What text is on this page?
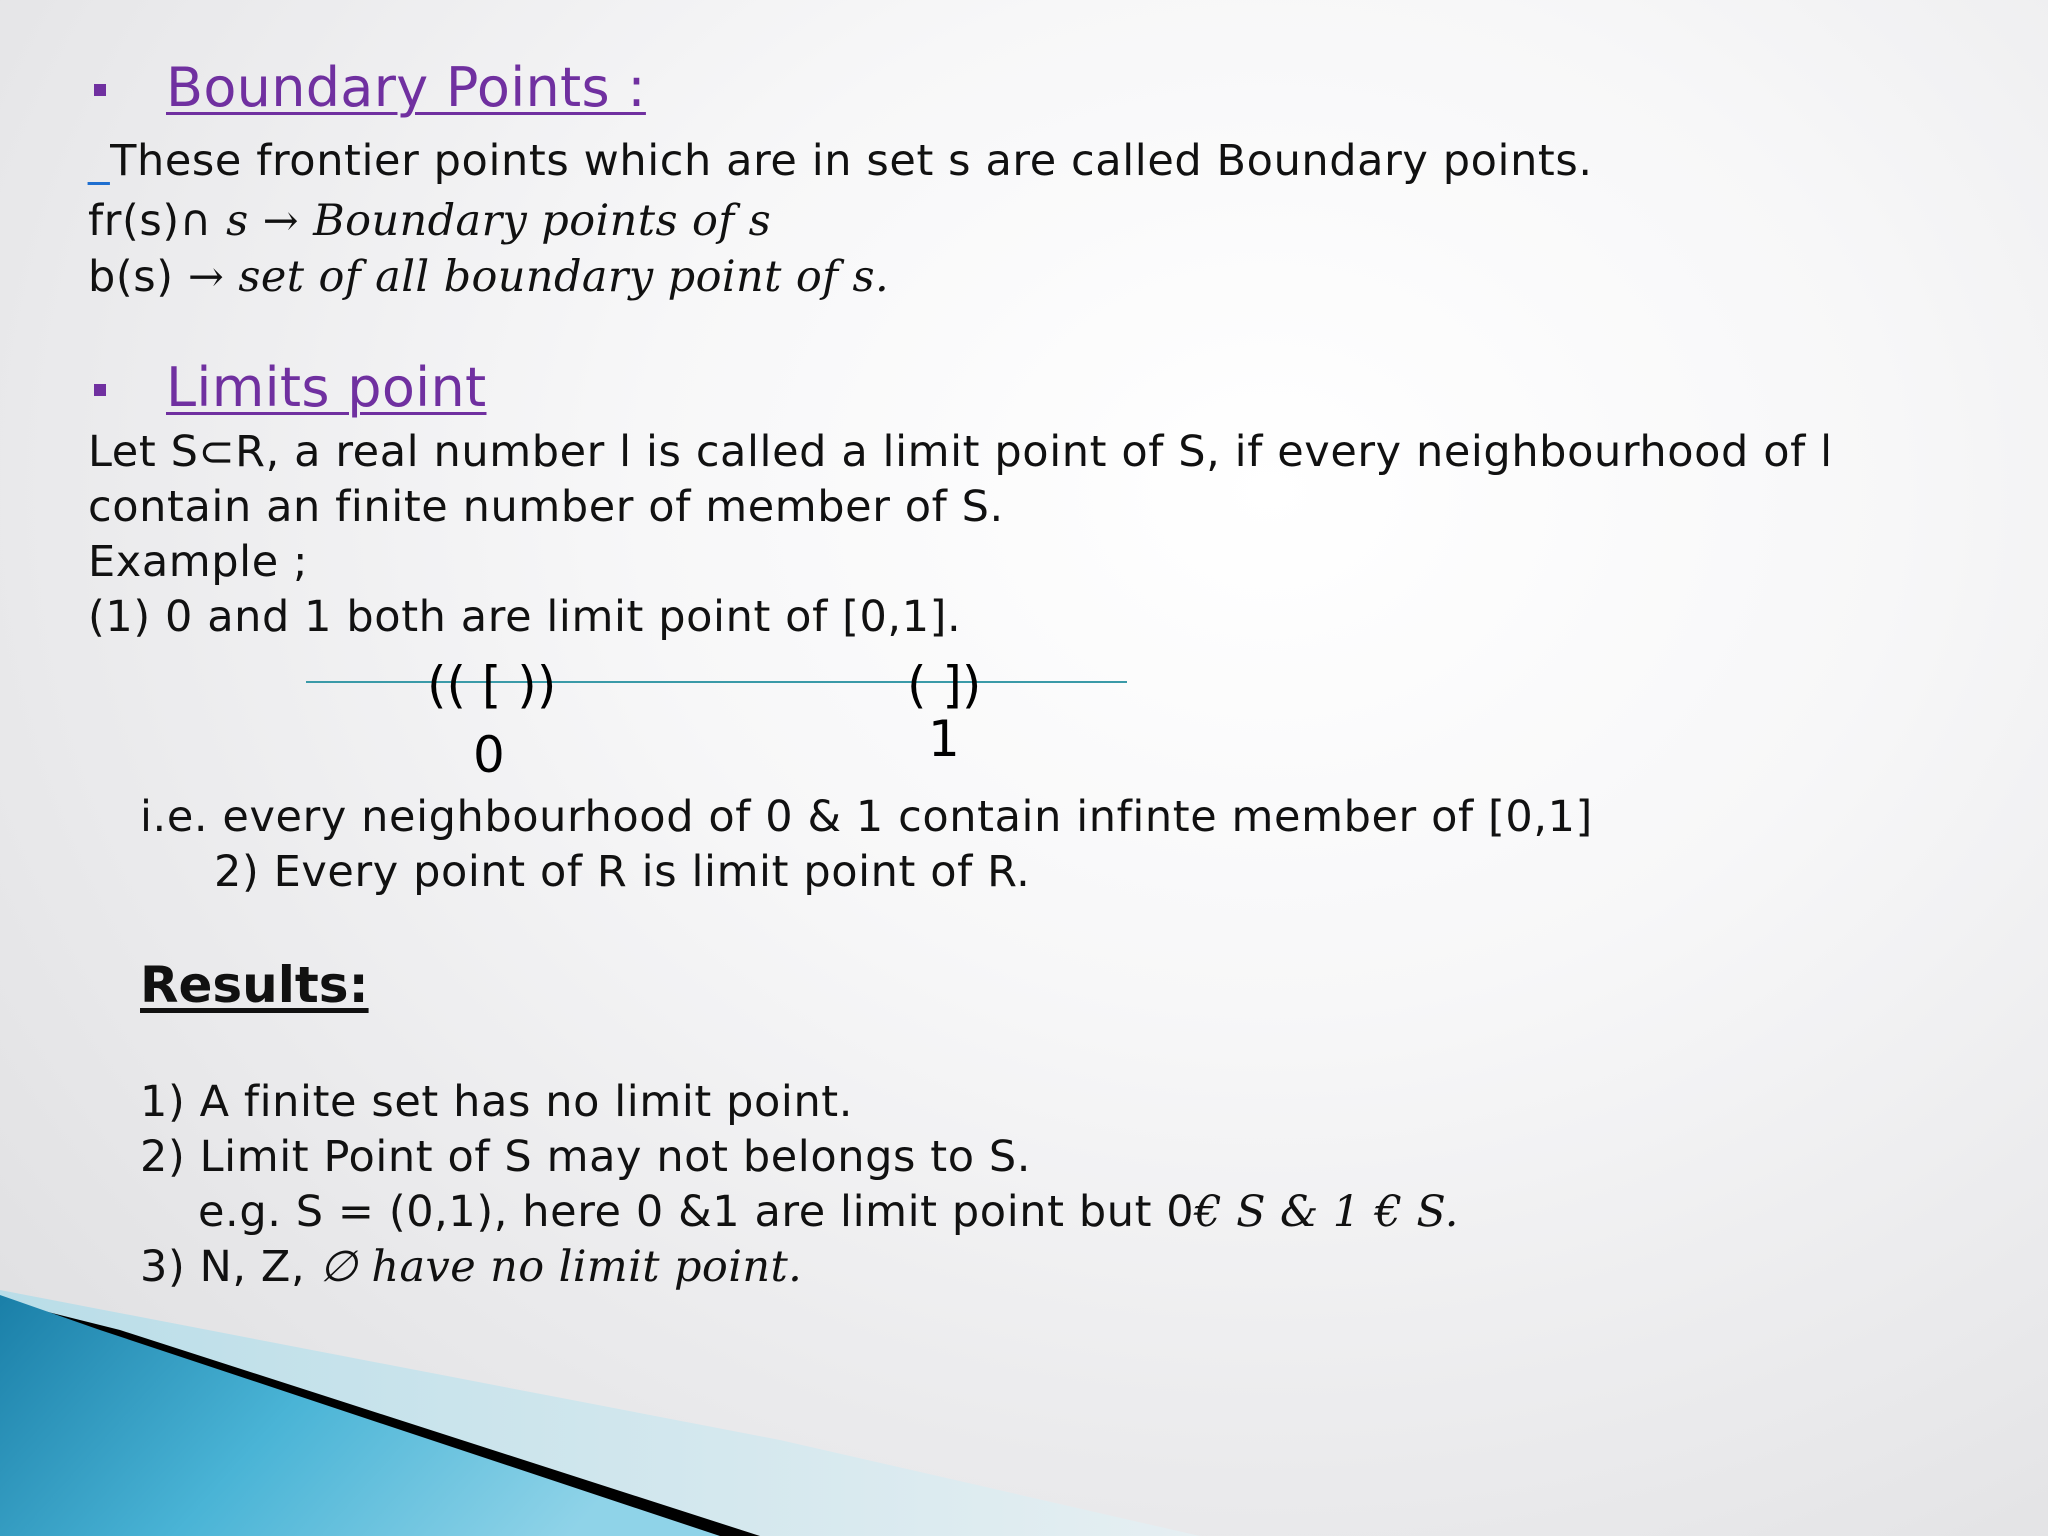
Boundary Points :
_These frontier points which are in set s are called Boundary points.
fr(s)∩ s → Boundary points of s
b(s) → set of all boundary point of s.
Limits point
Let S⊂R, a real number l is called a limit point of S, if every neighbourhood of l
contain an finite number of member of S.
Example ;
(1) 0 and 1 both are limit point of [0,1].
(( [ ))	( ])
0	1
i.e. every neighbourhood of 0 & 1 contain infinte member of [0,1]
2) Every point of R is limit point of R.
Results:
1) A finite set has no limit point.
2) Limit Point of S may not belongs to S.
e.g. S = (0,1), here 0 &1 are limit point but 0€ S & 1 € S.
3) N, Z, ∅ have no limit point.
